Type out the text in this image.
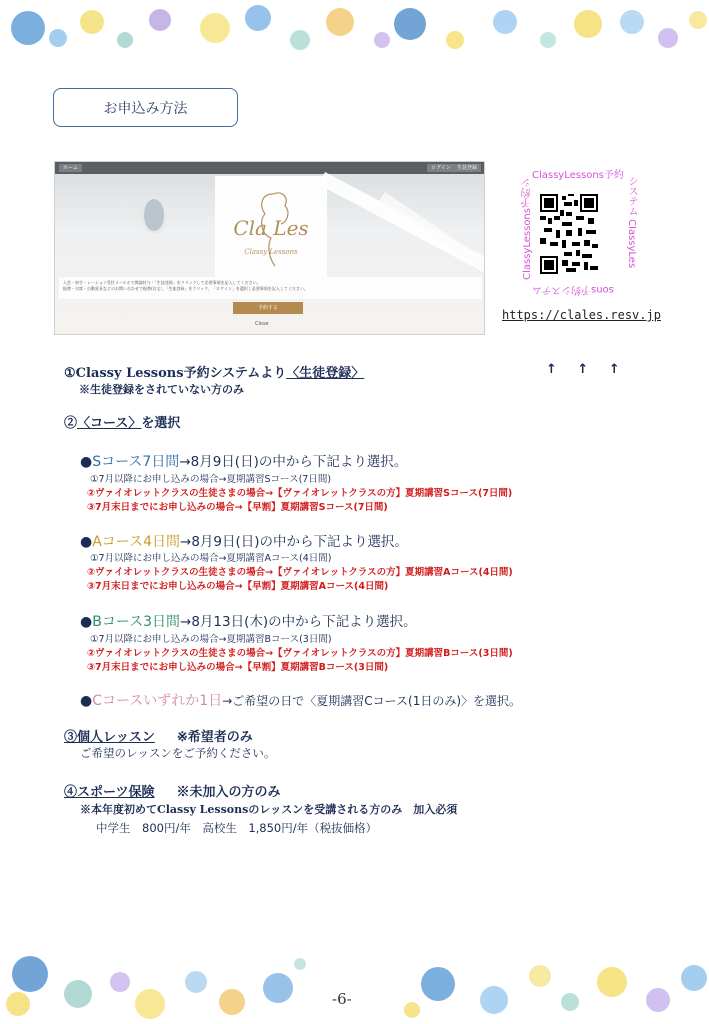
お申込み方法
ホーム	ログイン	生徒登録
Cla Les
Classy Lessons
入会・初手・レーション受付メールホで教諭付与・「生徒登録」をクリックして必要事項を記入してください。
振替・欠席・自動延長などのお問い合わせで振替/自宅し「生徒登録」をクリック、「ログイン」を選択し必要事項を記入してください。
予約する
Close
ClassyLessons予約
システム ClassyLes
ClassyLessons予約シ
sons予約システム
https://clales.resv.jp
①Classy Lessons予約システムより〈生徒登録〉	↑ ↑ ↑
※生徒登録をされていない方のみ
②〈コース〉を選択
●Sコース7日間→8月9日(日)の中から下記より選択。
①7月以降にお申し込みの場合→夏期講習Sコース(7日間)
②ヴァイオレットクラスの生徒さまの場合→【ヴァイオレットクラスの方】夏期講習Sコース(7日間)
③7月末日までにお申し込みの場合→【早割】夏期講習Sコース(7日間)
●Aコース4日間→8月9日(日)の中から下記より選択。
①7月以降にお申し込みの場合→夏期講習Aコース(4日間)
②ヴァイオレットクラスの生徒さまの場合→【ヴァイオレットクラスの方】夏期講習Aコース(4日間)
③7月末日までにお申し込みの場合→【早割】夏期講習Aコース(4日間)
●Bコース3日間→8月13日(木)の中から下記より選択。
①7月以降にお申し込みの場合→夏期講習Bコース(3日間)
②ヴァイオレットクラスの生徒さまの場合→【ヴァイオレットクラスの方】夏期講習Bコース(3日間)
③7月末日までにお申し込みの場合→【早割】夏期講習Bコース(3日間)
●Cコースいずれか1日→ご希望の日で〈夏期講習Cコース(1日のみ)〉を選択。
③個人レッスン ※希望者のみ
ご希望のレッスンをご予約ください。
④スポーツ保険 ※未加入の方のみ
※本年度初めてClassy Lessonsのレッスンを受講される方のみ　加入必須
中学生　800円/年　高校生　1,850円/年（税抜価格）
-6-
